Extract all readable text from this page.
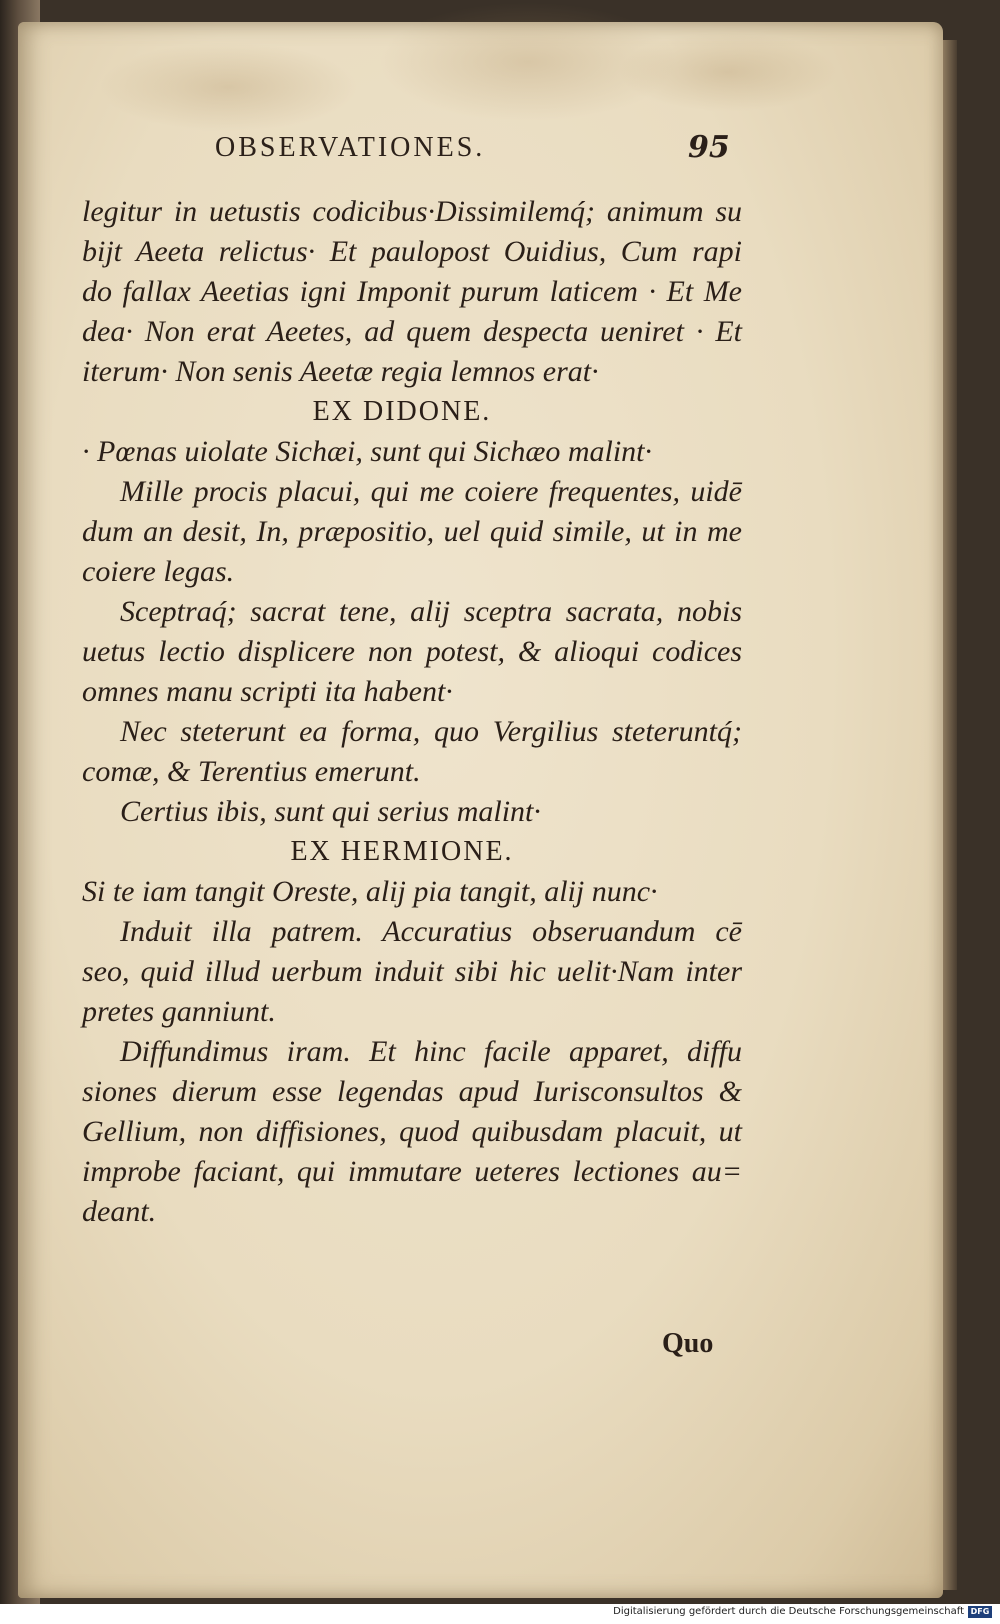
OBSERVATIONES.	95
legitur in uetustis codicibus·Dissimilemq́; animum su
bijt Aeeta relictus· Et paulopost Ouidius, Cum rapi
do fallax Aeetias igni Imponit purum laticem · Et Me
dea· Non erat Aeetes, ad quem despecta ueniret · Et
iterum· Non senis Aeetæ regia lemnos erat·
EX DIDONE.
· Pœnas uiolate Sichæi, sunt qui Sichæo malint·
Mille procis placui, qui me coiere frequentes, uidē
dum an desit, In, præpositio, uel quid simile, ut in me
coiere legas.
Sceptraq́; sacrat tene, alij sceptra sacrata, nobis
uetus lectio displicere non potest, & alioqui codices
omnes manu scripti ita habent·
Nec steterunt ea forma, quo Vergilius steteruntq́;
comæ, & Terentius emerunt.
Certius ibis, sunt qui serius malint·
EX HERMIONE.
Si te iam tangit Oreste, alij pia tangit, alij nunc·
Induit illa patrem. Accuratius obseruandum cē
seo, quid illud uerbum induit sibi hic uelit·Nam inter
pretes ganniunt.
Diffundimus iram. Et hinc facile apparet, diffu
siones dierum esse legendas apud Iurisconsultos &
Gellium, non diffisiones, quod quibusdam placuit, ut
improbe faciant, qui immutare ueteres lectiones au=
deant.
Quo
Digitalisierung gefördert durch die Deutsche Forschungsgemeinschaft DFG
